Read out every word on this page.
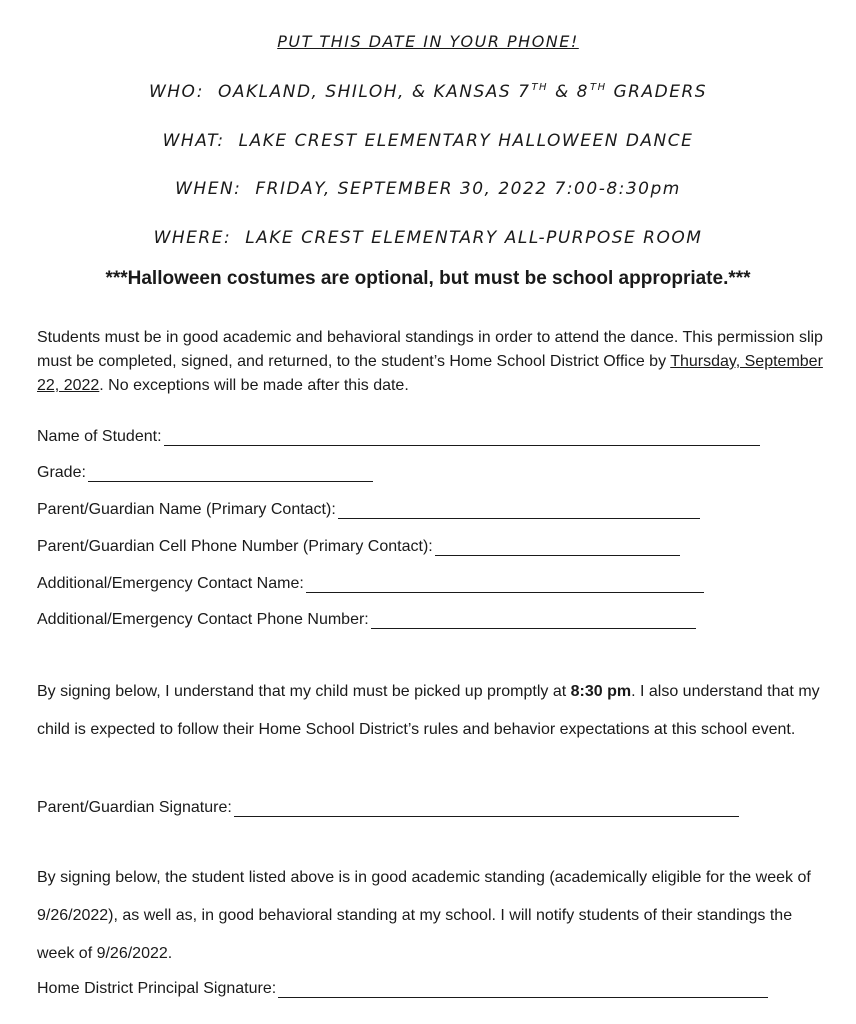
PUT THIS DATE IN YOUR PHONE!
WHO: OAKLAND, SHILOH, & KANSAS 7TH & 8TH GRADERS
WHAT: LAKE CREST ELEMENTARY HALLOWEEN DANCE
WHEN: FRIDAY, SEPTEMBER 30, 2022 7:00-8:30pm
WHERE: LAKE CREST ELEMENTARY ALL-PURPOSE ROOM
***Halloween costumes are optional, but must be school appropriate.***
Students must be in good academic and behavioral standings in order to attend the dance. This permission slip must be completed, signed, and returned, to the student’s Home School District Office by Thursday, September 22, 2022. No exceptions will be made after this date.
Name of Student:
Grade:
Parent/Guardian Name (Primary Contact):
Parent/Guardian Cell Phone Number (Primary Contact):
Additional/Emergency Contact Name:
Additional/Emergency Contact Phone Number:
By signing below, I understand that my child must be picked up promptly at 8:30 pm. I also understand that my child is expected to follow their Home School District’s rules and behavior expectations at this school event.
Parent/Guardian Signature:
By signing below, the student listed above is in good academic standing (academically eligible for the week of 9/26/2022), as well as, in good behavioral standing at my school. I will notify students of their standings the week of 9/26/2022.
Home District Principal Signature:
